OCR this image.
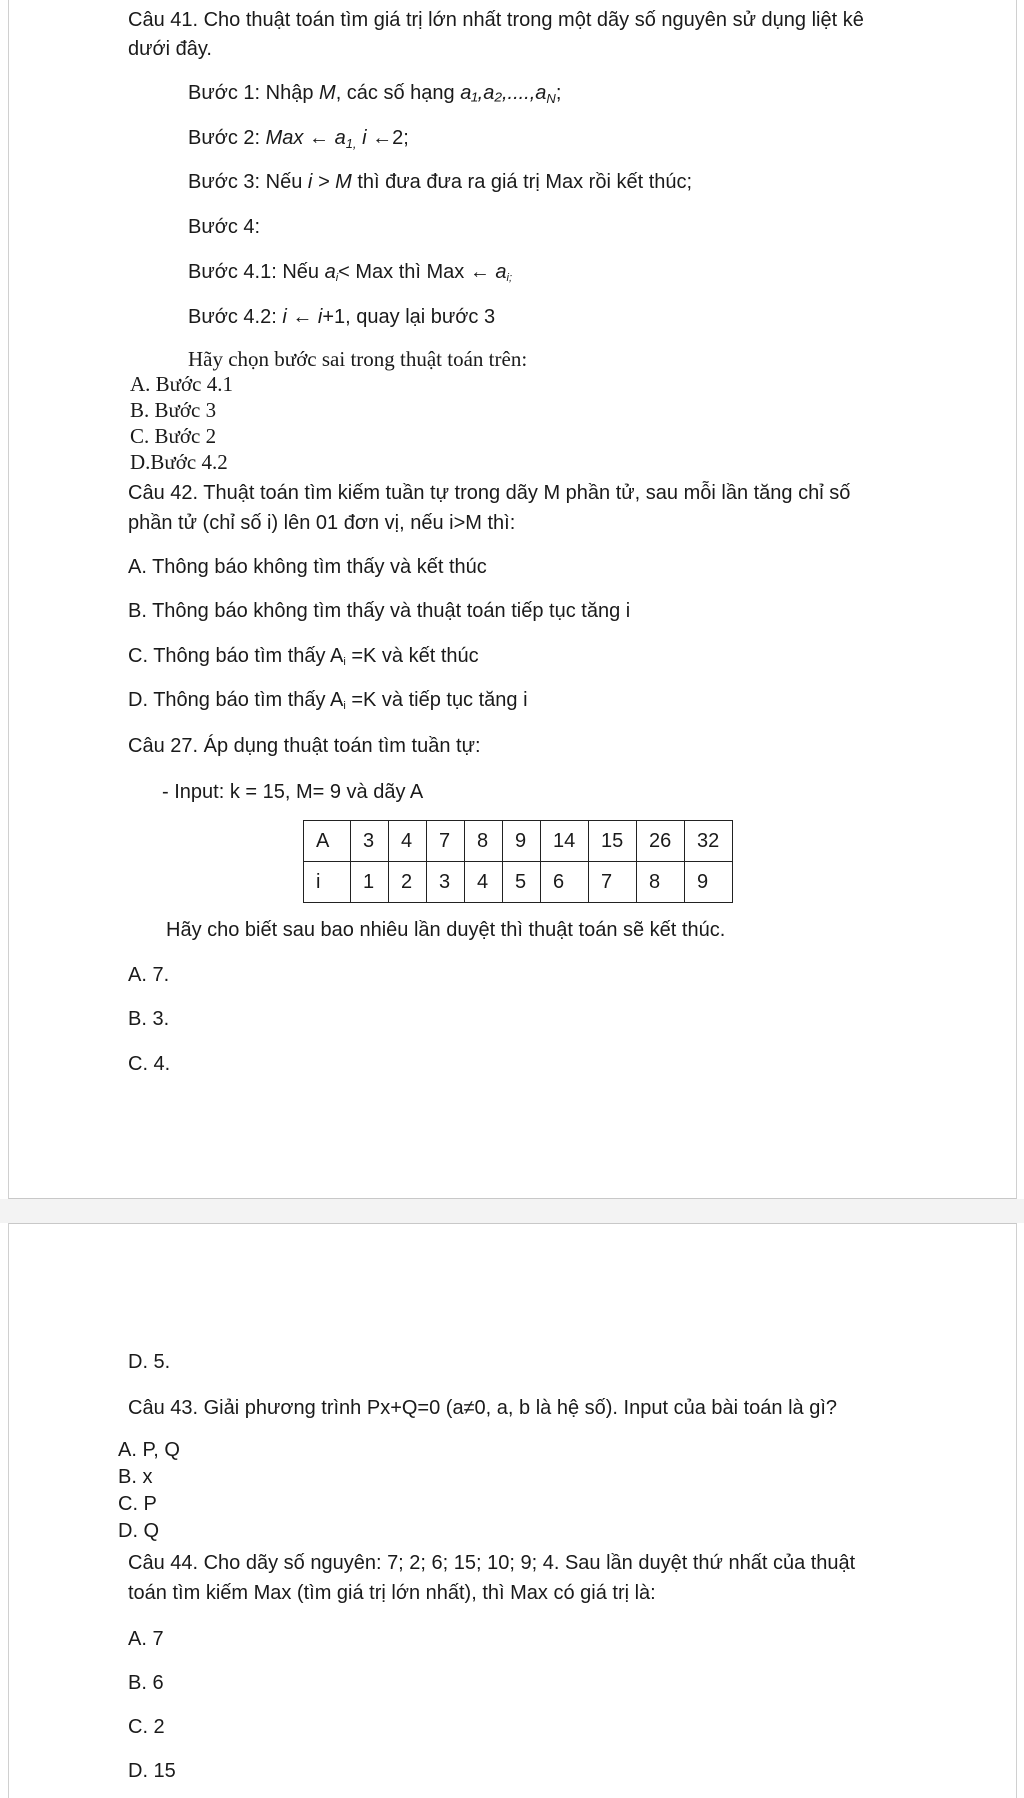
Câu 41. Cho thuật toán tìm giá trị lớn nhất trong một dãy số nguyên sử dụng liệt kê
dưới đây.
Bước 1: Nhập M, các số hạng $a_1,a_2,....,a_N$;
Bước 2: Max ← $a_{1,}$ i ←2;
Bước 3: Nếu i > M thì đưa đưa ra giá trị Max rồi kết thúc;
Bước 4:
Bước 4.1: Nếu $a_i<$ Max thì Max ← $a_{i;}$
Bước 4.2: i ← i+1, quay lại bước 3
Hãy chọn bước sai trong thuật toán trên:
A. Bước 4.1
B. Bước 3
C. Bước 2
D.Bước 4.2
Câu 42. Thuật toán tìm kiếm tuần tự trong dãy M phần tử, sau mỗi lần tăng chỉ số
phần tử (chỉ số i) lên 01 đơn vị, nếu i>M thì:
A. Thông báo không tìm thấy và kết thúc
B. Thông báo không tìm thấy và thuật toán tiếp tục tăng i
C. Thông báo tìm thấy $A_i =K$ và kết thúc
D. Thông báo tìm thấy $A_i =K$ và tiếp tục tăng i
Câu 27. Áp dụng thuật toán tìm tuần tự:
- Input: k = 15, M= 9 và dãy A
A	3	4	7	8	9	14	15	26	32
i	1	2	3	4	5	6	7	8	9
Hãy cho biết sau bao nhiêu lần duyệt thì thuật toán sẽ kết thúc.
A. 7.
B. 3.
C. 4.
D. 5.
Câu 43. Giải phương trình Px+Q=0 (a≠0, a, b là hệ số). Input của bài toán là gì?
A. P, Q
B. x
C. P
D. Q
Câu 44. Cho dãy số nguyên: 7; 2; 6; 15; 10; 9; 4. Sau lần duyệt thứ nhất của thuật
toán tìm kiếm Max (tìm giá trị lớn nhất), thì Max có giá trị là:
A. 7
B. 6
C. 2
D. 15
